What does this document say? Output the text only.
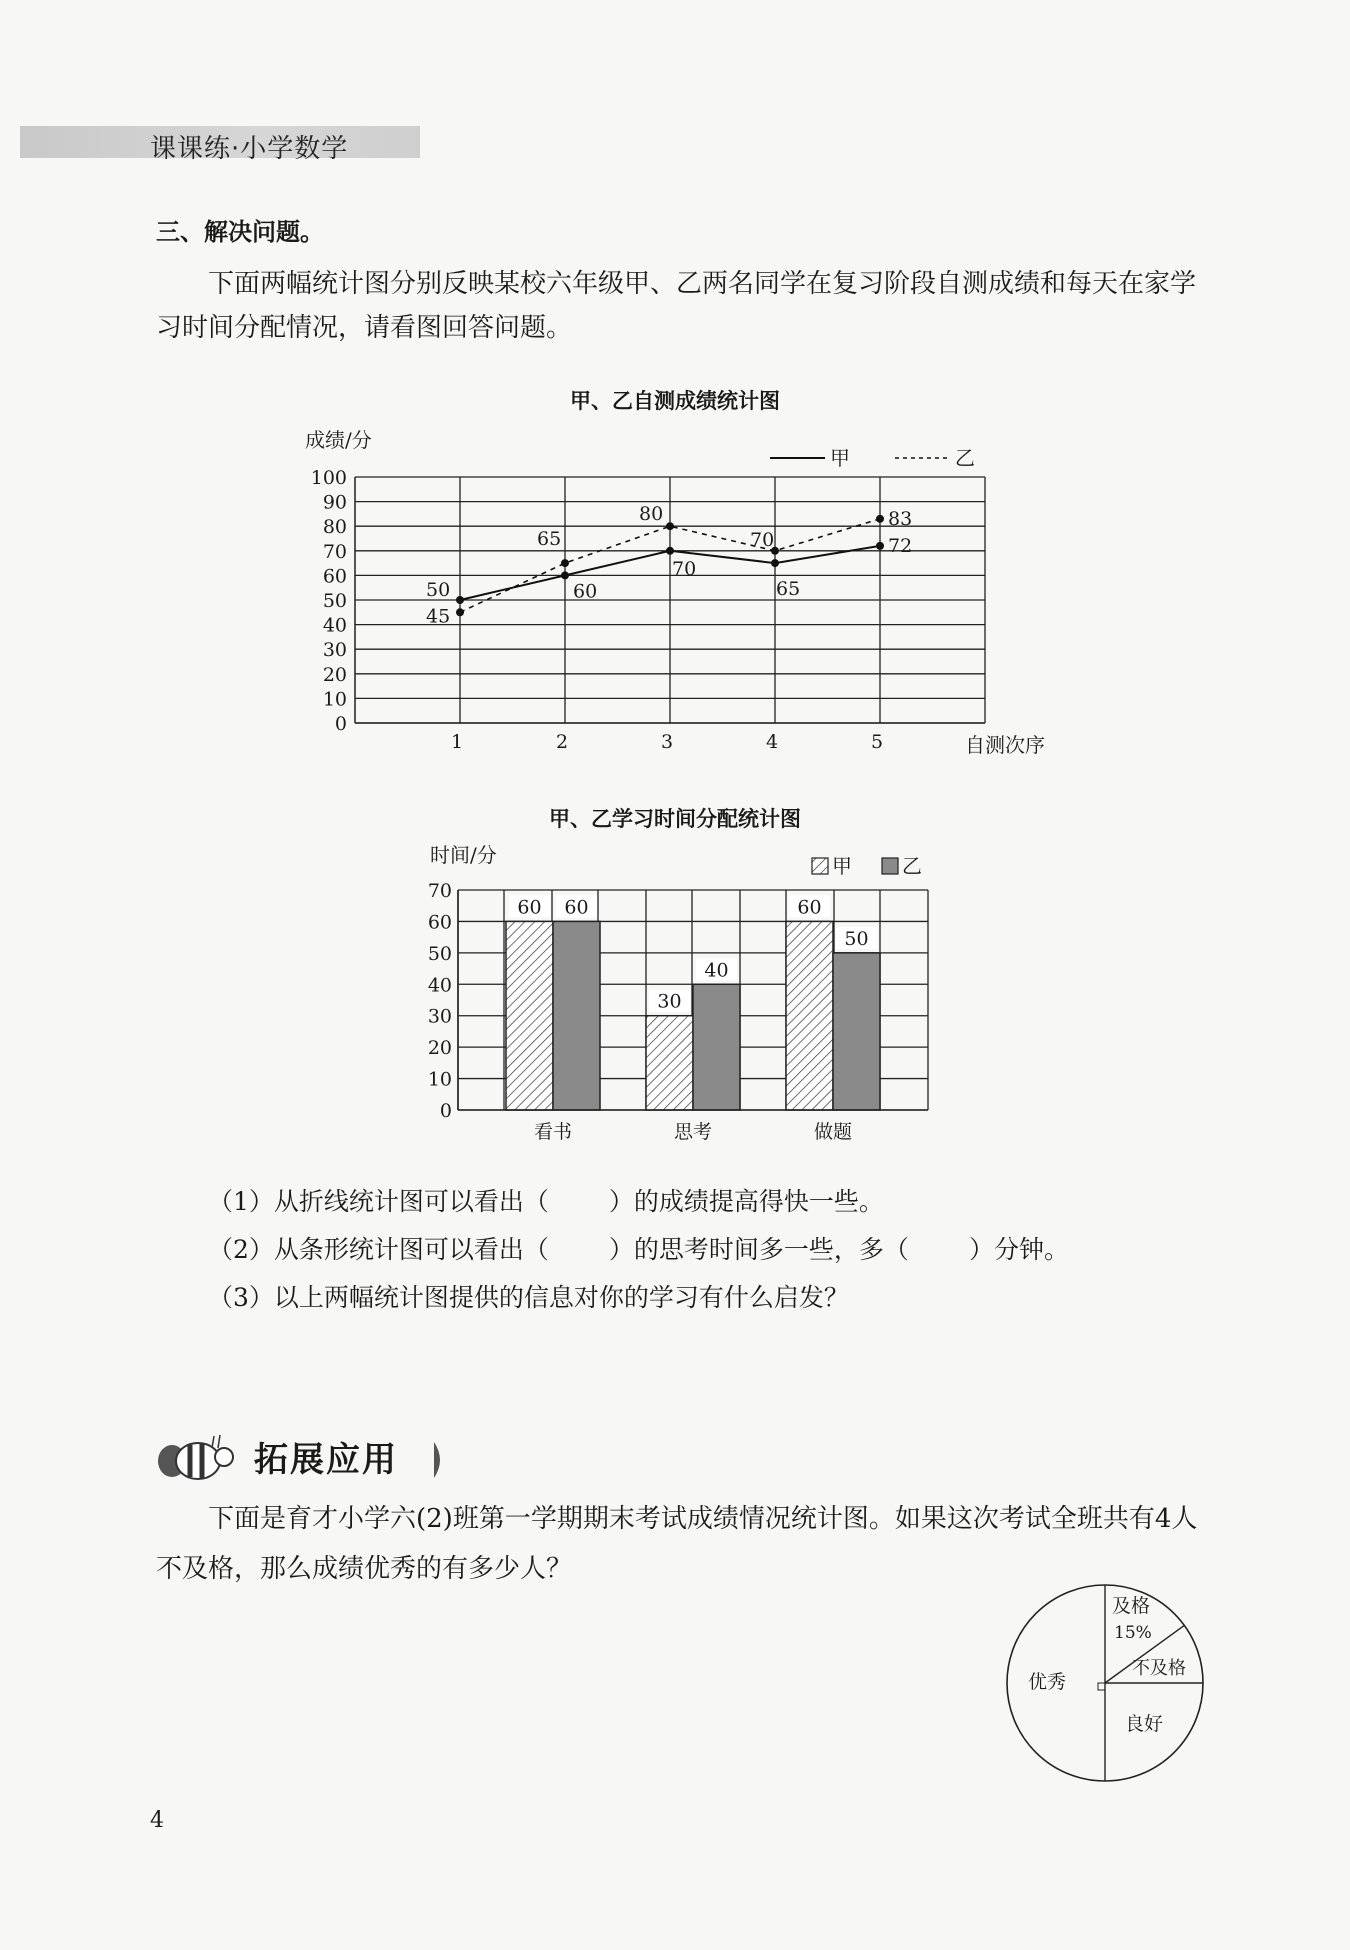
课课练·小学数学
三、解决问题。
下面两幅统计图分别反映某校六年级甲、乙两名同学在复习阶段自测成绩和每天在家学习时间分配情况，请看图回答问题。
甲、乙自测成绩统计图
0
10
20
30
40
50
60
70
80
90
100
1	2	3	4	5
成绩/分
自测次序
甲	乙
50
45
60
65
70
80
65
70	72
83
甲、乙学习时间分配统计图
0
10
20
30
40
50
60
70
时间/分	甲	乙
60 60
看书
30
40
思考
60
50
做题
（1）从折线统计图可以看出（ ）的成绩提高得快一些。
（2）从条形统计图可以看出（ ）的思考时间多一些，多（ ）分钟。
（3）以上两幅统计图提供的信息对你的学习有什么启发？
拓展应用
下面是育才小学六(2)班第一学期期末考试成绩情况统计图。如果这次考试全班共有4人不及格，那么成绩优秀的有多少人？
及格
15%
不及格
良好
优秀
4
